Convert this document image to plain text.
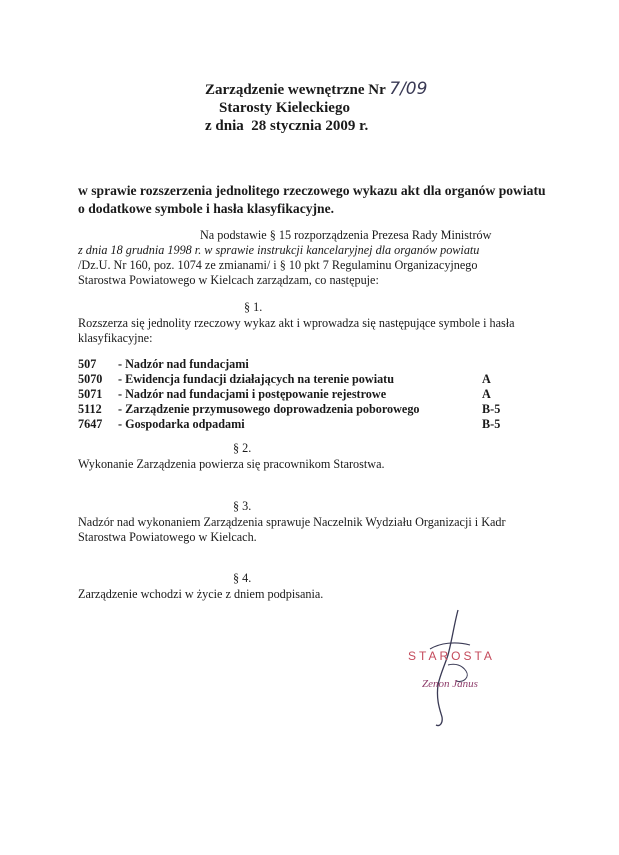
Zarządzenie wewnętrzne Nr 7/09
Starosty Kieleckiego
z dnia 28 stycznia 2009 r.
w sprawie rozszerzenia jednolitego rzeczowego wykazu akt dla organów powiatu o dodatkowe symbole i hasła klasyfikacyjne.
Na podstawie § 15 rozporządzenia Prezesa Rady Ministrów
z dnia 18 grudnia 1998 r. w sprawie instrukcji kancelaryjnej dla organów powiatu
/Dz.U. Nr 160, poz. 1074 ze zmianami/ i § 10 pkt 7 Regulaminu Organizacyjnego
Starostwa Powiatowego w Kielcach zarządzam, co następuje:
§ 1.
Rozszerza się jednolity rzeczowy wykaz akt i wprowadza się następujące symbole i hasła
klasyfikacyjne:
507	- Nadzór nad fundacjami
5070	- Ewidencja fundacji działających na terenie powiatu	A
5071	- Nadzór nad fundacjami i postępowanie rejestrowe	A
5112	- Zarządzenie przymusowego doprowadzenia poborowego	B-5
7647	- Gospodarka odpadami	B-5
§ 2.
Wykonanie Zarządzenia powierza się pracownikom Starostwa.
§ 3.
Nadzór nad wykonaniem Zarządzenia sprawuje Naczelnik Wydziału Organizacji i Kadr
Starostwa Powiatowego w Kielcach.
§ 4.
Zarządzenie wchodzi w życie z dniem podpisania.
STAROSTA
Zenon Janus
